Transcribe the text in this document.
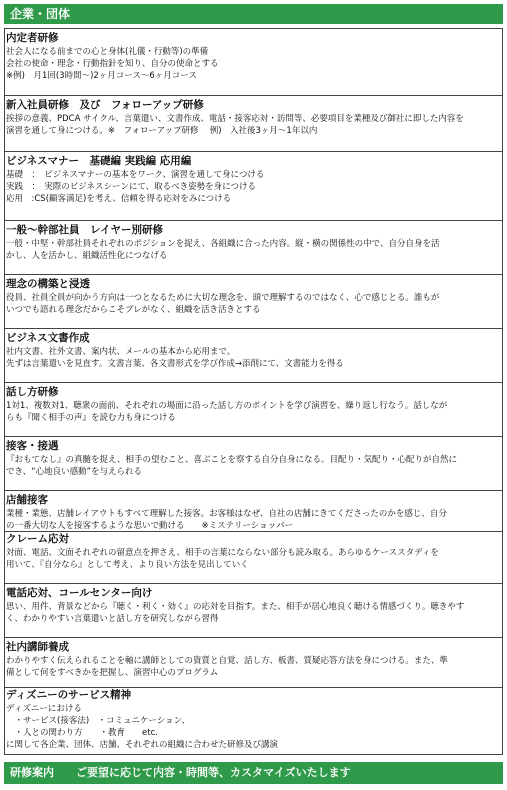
企業・団体
内定者研修
社会人になる前までの心と身体(礼儀・行動等)の準備
会社の使命・理念・行動指針を知り、自分の使命とする
※例)　月1回(3時間〜)2ヶ月コース〜6ヶ月コース
新入社員研修　及び　フォローアップ研修
挨拶の意義、PDCA サイクル、言葉遣い、文書作成、電話・接客応対・訪問等、必要項目を業種及び御社に即した内容を
演習を通して身につける。※　フォローアップ研修　 例)　入社後3ヶ月〜1年以内
ビジネスマナー　基礎編 実践編 応用編
基礎　：　ビジネスマナーの基本をワーク、演習を通して身につける
実践　：　実際のビジネスシーンにて、取るべき姿勢を身につける
応用　:CS(顧客満足)を考え、信頼を得る応対をみにつける
一般〜幹部社員　レイヤー別研修
一般・中堅・幹部社員それぞれのポジションを捉え、各組織に合った内容。縦・横の関係性の中で、自分自身を活
かし、人を活かし、組織活性化につなげる
理念の構築と浸透
役員、社員全員が向かう方向は一つとなるために大切な理念を、頭で理解するのではなく、心で感じとる。誰もが
いつでも語れる理念だからこそブレがなく、組織を活き活きとする
ビジネス文書作成
社内文書、社外文書、案内状、メールの基本から応用まで。
先ずは言葉遣いを見直す。文書言葉、各文書形式を学び作成→添削にて、文書能力を得る
話し方研修
1対1、複数対1、聴衆の面前、それぞれの場面に沿った話し方のポイントを学び演習を、繰り返し行なう。話しなが
らも『聞く相手の声』を読む力も身につける
接客・接遇
『おもてなし』の真髄を捉え、相手の望むこと、喜ぶことを察する自分自身になる。目配り・気配り・心配りが自然に
でき、“心地良い感動”を与えられる
店舗接客
業種・業態、店舗レイアウトもすべて理解した接客。お客様はなぜ、自社の店舗にきてくださったのかを感じ、自分
の一番大切な人を接客するような思いで動ける　　※ミステリーショッパー
クレーム応対
対面、電話、文面それぞれの留意点を押さえ、相手の言葉にならない部分も読み取る。あらゆるケーススタディを
用いて、『自分なら』として考え、より良い方法を見出していく
電話応対、コールセンター向け
思い、用件、背景などから『聴く・利く・効く』の応対を目指す。また、相手が居心地良く聴ける情感づくり。聴きやす
く、わかりやすい言葉遣いと話し方を研究しながら習得
社内講師養成
わかりやすく伝えられることを軸に講師としての資質と自覚、話し方、板書、質疑応答方法を身につける。また、準
備として何をすべきかを把握し、演習中心のプログラム
ディズニーのサービス精神
ディズニーにおける
　・サービス(接客法)　・コミュニケーション、
　・人との関わり方　　・教育　　etc.
に関して各企業、団体、店舗、それぞれの組織に合わせた研修及び講演
研修案内 ご要望に応じて内容・時間等、カスタマイズいたします
